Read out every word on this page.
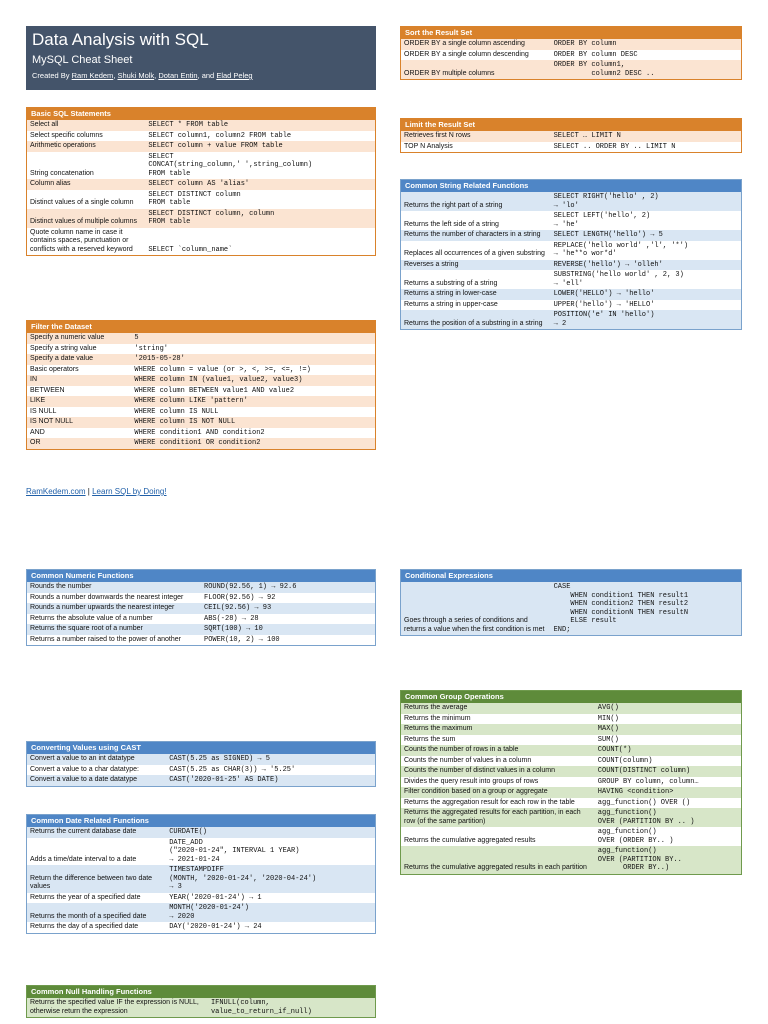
Data Analysis with SQL
MySQL Cheat Sheet
Created By Ram Kedem, Shuki Molk, Dotan Entin, and Elad Peleg
Basic SQL Statements
Select all	SELECT * FROM table
Select specific columns	SELECT column1, column2 FROM table
Arithmetic operations	SELECT column + value FROM table
String concatenation	SELECT
CONCAT(string_column,' ',string_column)
FROM table
Column alias	SELECT column AS 'alias'
Distinct values of a single column	SELECT DISTINCT column
FROM table
Distinct values of multiple columns	SELECT DISTINCT column, column
FROM table
Quote column name in case it contains spaces, punctuation or conflicts with a reserved keyword	SELECT `column_name`
Filter the Dataset
Specify a numeric value	5
Specify a string value	'string'
Specify a date value	'2015-05-28'
Basic operators	WHERE column = value (or >, <, >=, <=, !=)
IN	WHERE column IN (value1, value2, value3)
BETWEEN	WHERE column BETWEEN value1 AND value2
LIKE	WHERE column LIKE 'pattern'
IS NULL	WHERE column IS NULL
IS NOT NULL	WHERE column IS NOT NULL
AND	WHERE condition1 AND condition2
OR	WHERE condition1 OR condition2
RamKedem.com | Learn SQL by Doing!
Sort the Result Set
ORDER BY a single column ascending	ORDER BY column
ORDER BY a single column descending	ORDER BY column DESC
ORDER BY multiple columns	ORDER BY column1,
column2 DESC ..
Limit the Result Set
Retrieves first N rows	SELECT … LIMIT N
TOP N Analysis	SELECT .. ORDER BY .. LIMIT N
Common String Related Functions
Returns the right part of a string	SELECT RIGHT('hello' , 2)
→ 'lo'
Returns the left side of a string	SELECT LEFT('hello', 2)
→ 'he'
Returns the number of characters in a string	SELECT LENGTH('hello') → 5
Replaces all occurrences of a given substring	REPLACE('hello world' ,'l', '*')
→ 'he**o wor*d'
Reverses a string	REVERSE('hello') → 'olleh'
Returns a substring of a string	SUBSTRING('hello world' , 2, 3)
→ 'ell'
Returns a string in lower-case	LOWER('HELLO') → 'hello'
Returns a string in upper-case	UPPER('hello') → 'HELLO'
Returns the position of a substring in a string	POSITION('e' IN 'hello')
→ 2
Common Numeric Functions
Rounds the number	ROUND(92.56, 1) → 92.6
Rounds a number downwards the nearest integer	FLOOR(92.56) → 92
Rounds a number upwards the nearest integer	CEIL(92.56) → 93
Returns the absolute value of a number	ABS(-28) → 28
Returns the square root of a number	SQRT(100) → 10
Returns a number raised to the power of another	POWER(10, 2) → 100
Converting Values using CAST
Convert a value to an int datatype	CAST(5.25 as SIGNED) → 5
Convert a value to a char datatype:	CAST(5.25 as CHAR(3)) → '5.25'
Convert a value to a date datatype	CAST('2020-01-25' AS DATE)
Common Date Related Functions
Returns the current database date	CURDATE()
Adds a time/date interval to a date	DATE_ADD
("2020-01-24", INTERVAL 1 YEAR)
→ 2021-01-24
Return the difference between two date values	TIMESTAMPDIFF
(MONTH, '2020-01-24', '2020-04-24')
→ 3
Returns the year of a specified date	YEAR('2020-01-24') → 1
Returns the month of a specified date	MONTH('2020-01-24')
→ 2020
Returns the day of a specified date	DAY('2020-01-24') → 24
Common Null Handling Functions
Returns the specified value IF the expression is NULL, otherwise return the expression	IFNULL(column,
value_to_return_if_null)
Conditional Expressions
Goes through a series of conditions and returns a value when the first condition is met	CASE
WHEN condition1 THEN result1
WHEN condition2 THEN result2
WHEN conditionN THEN resultN
ELSE result
END;
Common Group Operations
Returns the average	AVG()
Returns the minimum	MIN()
Returns the maximum	MAX()
Returns the sum	SUM()
Counts the number of rows in a table	COUNT(*)
Counts the number of values in a column	COUNT(column)
Counts the number of distinct values in a column	COUNT(DISTINCT column)
Divides the query result into groups of rows	GROUP BY column, column…
Filter condition based on a group or aggregate	HAVING <condition>
Returns the aggregation result for each row in the table	agg_function() OVER ()
Returns the aggregated results for each partition, in each row (of the same partition)	agg_function()
OVER (PARTITION BY .. )
Returns the cumulative aggregated results	agg_function()
OVER (ORDER BY.. )
Returns the cumulative aggregated results in each partition	agg_function()
OVER (PARTITION BY..
ORDER BY..)
